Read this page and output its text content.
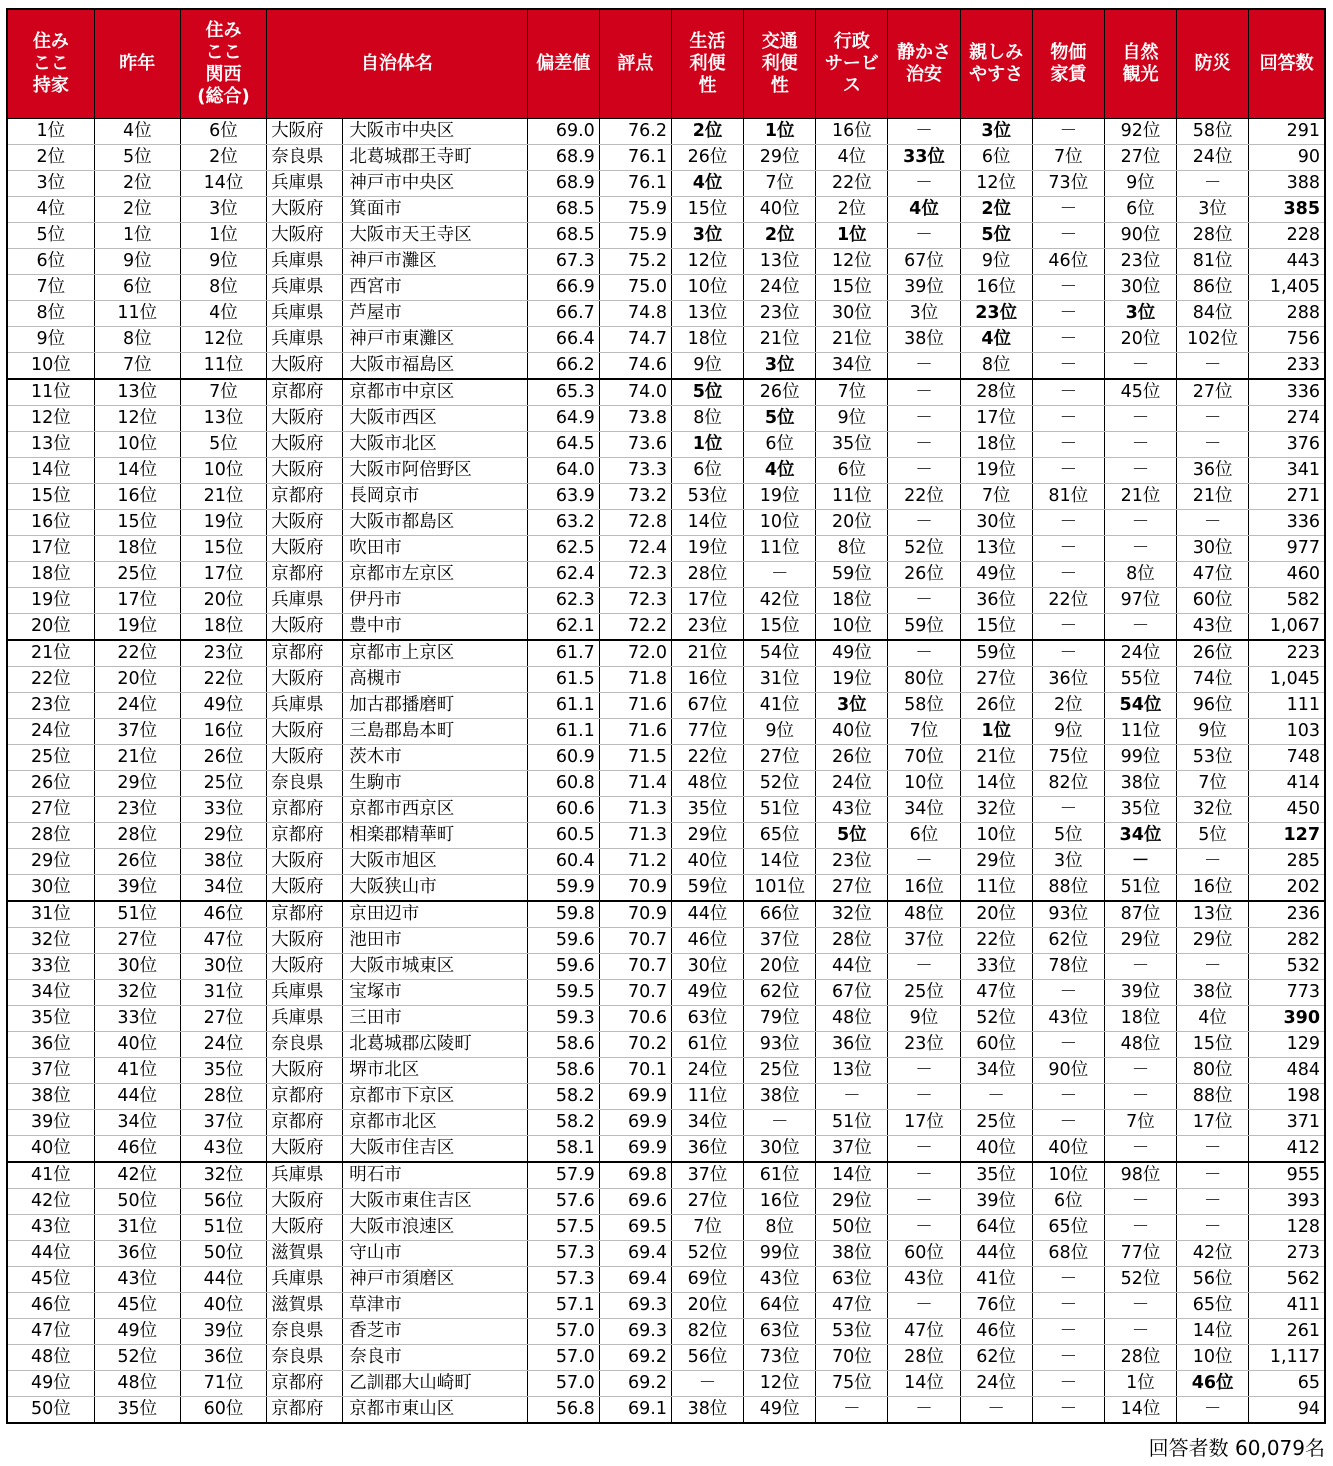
住み
ここ
持家	昨年	住み
ここ
関西
(総合)	自治体名		偏差値	評点	生活
利便
性	交通
利便
性	行政
サービ
ス	静かさ
治安	親しみ
やすさ	物価
家賃	自然
観光	防災	回答数
1位	4位	6位	大阪府	大阪市中央区	69.0	76.2	2位	1位	16位	－	3位	－	92位	58位	291
2位	5位	2位	奈良県	北葛城郡王寺町	68.9	76.1	26位	29位	4位	33位	6位	7位	27位	24位	90
3位	2位	14位	兵庫県	神戸市中央区	68.9	76.1	4位	7位	22位	－	12位	73位	9位	－	388
4位	2位	3位	大阪府	箕面市	68.5	75.9	15位	40位	2位	4位	2位	－	6位	3位	385
5位	1位	1位	大阪府	大阪市天王寺区	68.5	75.9	3位	2位	1位	－	5位	－	90位	28位	228
6位	9位	9位	兵庫県	神戸市灘区	67.3	75.2	12位	13位	12位	67位	9位	46位	23位	81位	443
7位	6位	8位	兵庫県	西宮市	66.9	75.0	10位	24位	15位	39位	16位	－	30位	86位	1,405
8位	11位	4位	兵庫県	芦屋市	66.7	74.8	13位	23位	30位	3位	23位	－	3位	84位	288
9位	8位	12位	兵庫県	神戸市東灘区	66.4	74.7	18位	21位	21位	38位	4位	－	20位	102位	756
10位	7位	11位	大阪府	大阪市福島区	66.2	74.6	9位	3位	34位	－	8位	－	－	－	233
11位	13位	7位	京都府	京都市中京区	65.3	74.0	5位	26位	7位	－	28位	－	45位	27位	336
12位	12位	13位	大阪府	大阪市西区	64.9	73.8	8位	5位	9位	－	17位	－	－	－	274
13位	10位	5位	大阪府	大阪市北区	64.5	73.6	1位	6位	35位	－	18位	－	－	－	376
14位	14位	10位	大阪府	大阪市阿倍野区	64.0	73.3	6位	4位	6位	－	19位	－	－	36位	341
15位	16位	21位	京都府	長岡京市	63.9	73.2	53位	19位	11位	22位	7位	81位	21位	21位	271
16位	15位	19位	大阪府	大阪市都島区	63.2	72.8	14位	10位	20位	－	30位	－	－	－	336
17位	18位	15位	大阪府	吹田市	62.5	72.4	19位	11位	8位	52位	13位	－	－	30位	977
18位	25位	17位	京都府	京都市左京区	62.4	72.3	28位	－	59位	26位	49位	－	8位	47位	460
19位	17位	20位	兵庫県	伊丹市	62.3	72.3	17位	42位	18位	－	36位	22位	97位	60位	582
20位	19位	18位	大阪府	豊中市	62.1	72.2	23位	15位	10位	59位	15位	－	－	43位	1,067
21位	22位	23位	京都府	京都市上京区	61.7	72.0	21位	54位	49位	－	59位	－	24位	26位	223
22位	20位	22位	大阪府	高槻市	61.5	71.8	16位	31位	19位	80位	27位	36位	55位	74位	1,045
23位	24位	49位	兵庫県	加古郡播磨町	61.1	71.6	67位	41位	3位	58位	26位	2位	54位	96位	111
24位	37位	16位	大阪府	三島郡島本町	61.1	71.6	77位	9位	40位	7位	1位	9位	11位	9位	103
25位	21位	26位	大阪府	茨木市	60.9	71.5	22位	27位	26位	70位	21位	75位	99位	53位	748
26位	29位	25位	奈良県	生駒市	60.8	71.4	48位	52位	24位	10位	14位	82位	38位	7位	414
27位	23位	33位	京都府	京都市西京区	60.6	71.3	35位	51位	43位	34位	32位	－	35位	32位	450
28位	28位	29位	京都府	相楽郡精華町	60.5	71.3	29位	65位	5位	6位	10位	5位	34位	5位	127
29位	26位	38位	大阪府	大阪市旭区	60.4	71.2	40位	14位	23位	－	29位	3位	－	－	285
30位	39位	34位	大阪府	大阪狭山市	59.9	70.9	59位	101位	27位	16位	11位	88位	51位	16位	202
31位	51位	46位	京都府	京田辺市	59.8	70.9	44位	66位	32位	48位	20位	93位	87位	13位	236
32位	27位	47位	大阪府	池田市	59.6	70.7	46位	37位	28位	37位	22位	62位	29位	29位	282
33位	30位	30位	大阪府	大阪市城東区	59.6	70.7	30位	20位	44位	－	33位	78位	－	－	532
34位	32位	31位	兵庫県	宝塚市	59.5	70.7	49位	62位	67位	25位	47位	－	39位	38位	773
35位	33位	27位	兵庫県	三田市	59.3	70.6	63位	79位	48位	9位	52位	43位	18位	4位	390
36位	40位	24位	奈良県	北葛城郡広陵町	58.6	70.2	61位	93位	36位	23位	60位	－	48位	15位	129
37位	41位	35位	大阪府	堺市北区	58.6	70.1	24位	25位	13位	－	34位	90位	－	80位	484
38位	44位	28位	京都府	京都市下京区	58.2	69.9	11位	38位	－	－	－	－	－	88位	198
39位	34位	37位	京都府	京都市北区	58.2	69.9	34位	－	51位	17位	25位	－	7位	17位	371
40位	46位	43位	大阪府	大阪市住吉区	58.1	69.9	36位	30位	37位	－	40位	40位	－	－	412
41位	42位	32位	兵庫県	明石市	57.9	69.8	37位	61位	14位	－	35位	10位	98位	－	955
42位	50位	56位	大阪府	大阪市東住吉区	57.6	69.6	27位	16位	29位	－	39位	6位	－	－	393
43位	31位	51位	大阪府	大阪市浪速区	57.5	69.5	7位	8位	50位	－	64位	65位	－	－	128
44位	36位	50位	滋賀県	守山市	57.3	69.4	52位	99位	38位	60位	44位	68位	77位	42位	273
45位	43位	44位	兵庫県	神戸市須磨区	57.3	69.4	69位	43位	63位	43位	41位	－	52位	56位	562
46位	45位	40位	滋賀県	草津市	57.1	69.3	20位	64位	47位	－	76位	－	－	65位	411
47位	49位	39位	奈良県	香芝市	57.0	69.3	82位	63位	53位	47位	46位	－	－	14位	261
48位	52位	36位	奈良県	奈良市	57.0	69.2	56位	73位	70位	28位	62位	－	28位	10位	1,117
49位	48位	71位	京都府	乙訓郡大山崎町	57.0	69.2	－	12位	75位	14位	24位	－	1位	46位	65
50位	35位	60位	京都府	京都市東山区	56.8	69.1	38位	49位	－	－	－	－	14位	－	94
回答者数 60,079名
